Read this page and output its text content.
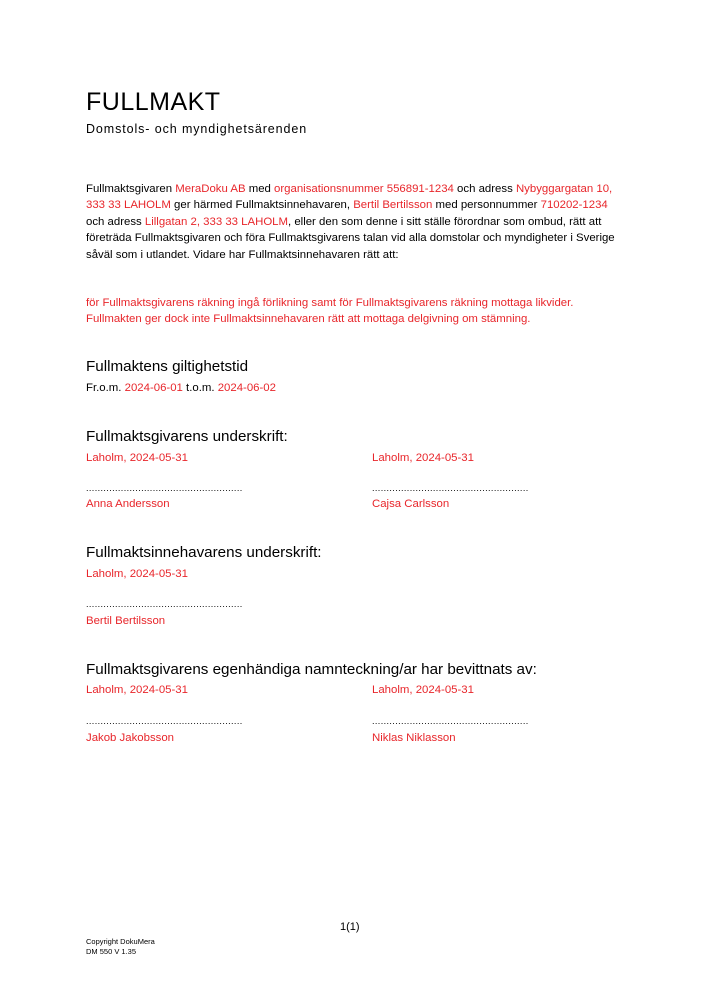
FULLMAKT
Domstols- och myndighetsärenden

Fullmaktsgivaren MeraDoku AB med organisationsnummer 556891-1234 och adress Nybyggargatan 10, 333 33 LAHOLM ger härmed Fullmaktsinnehavaren, Bertil Bertilsson med personnummer 710202-1234 och adress Lillgatan 2, 333 33 LAHOLM, eller den som denne i sitt ställe förordnar som ombud, rätt att företräda Fullmaktsgivaren och föra Fullmaktsgivarens talan vid alla domstolar och myndigheter i Sverige såväl som i utlandet. Vidare har Fullmaktsinnehavaren rätt att:

för Fullmaktsgivarens räkning ingå förlikning samt för Fullmaktsgivarens räkning mottaga likvider. Fullmakten ger dock inte Fullmaktsinnehavaren rätt att mottaga delgivning om stämning.

Fullmaktens giltighetstid
Fr.o.m. 2024-06-01 t.o.m. 2024-06-02
Fullmaktsgivarens underskrift:
Laholm, 2024-05-31	Laholm, 2024-05-31
......................................................	......................................................
Anna Andersson	Cajsa Carlsson
Fullmaktsinnehavarens underskrift:
Laholm, 2024-05-31
......................................................
Bertil Bertilsson
Fullmaktsgivarens egenhändiga namnteckning/ar har bevittnats av:
Laholm, 2024-05-31	Laholm, 2024-05-31
......................................................	......................................................
Jakob Jakobsson	Niklas Niklasson
1(1)
Copyright DokuMera
DM 550 V 1.35
